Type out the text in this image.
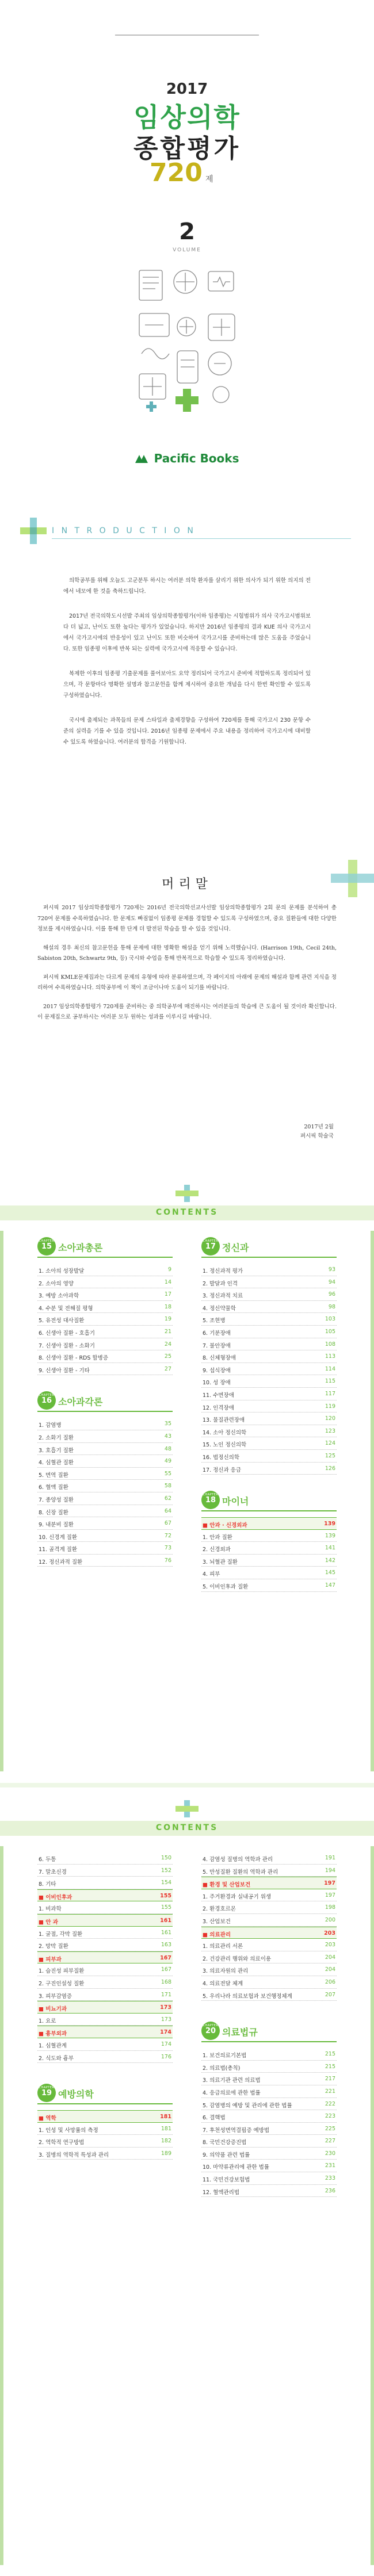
2017
임상의학
종합평가
720 제
2
VOLUME
Pacific Books
I N T R O D U C T I O N

의학공부를 위해 오늘도 고군분투 하시는 여러분 의학 환자를 살리기 위한 의사가 되기 위한 의지의 전에서 네모에 한 것을 축하드립니다.

2017년 전국의학도시선발 주최의 임상의학종합평가(이하 임종평)는 시험범위가 의사 국가고시범위보다 더 넓고, 난이도 또한 높다는 평가가 있었습니다. 하지만 2016년 임종평의 결과 KUE 의사 국가고시에서 국가고시에의 반응성이 있고 난이도 또한 비슷하여 국가고시를 준비하는데 많은 도움을 주었습니다. 또한 임종평 이후에 반복 되는 실력에 국가고시에 적응할 수 있습니다.

복제한 이후의 임종평 기출문제를 풀어보아도 요약 정리되어 국가고시 준비에 적합하도록 정리되어 있으며, 각 문항마다 명확한 설명과 참고문헌을 함께 제시하여 중요한 개념을 다시 한번 확인할 수 있도록 구성하였습니다.

국시에 출제되는 과목들의 문제 스타일과 출제경향을 구성하여 720제를 통해 국가고시 230 문항 수준의 실력을 기를 수 있을 것입니다. 2016년 임종평 문제에서 주요 내용을 정리하여 국가고시에 대비할 수 있도록 하였습니다. 여러분의 합격을 기원합니다.

머리말

퍼시픽 2017 임상의학종합평가 720제는 2016년 전국의학선교사선발 임상의학종합평가 2회 문의 문제를 분석하여 총 720여 문제를 수록하였습니다. 한 문제도 빠짐없이 임종평 문제를 경험할 수 있도록 구성하였으며, 중요 질환들에 대한 다양한 정보를 제시하였습니다. 이를 통해 한 단계 더 발전된 학습을 할 수 있을 것입니다.

해설의 경우 최신의 참고문헌을 통해 문제에 대한 명확한 해설을 얻기 위해 노력했습니다. (Harrison 19th, Cecil 24th, Sabiston 20th, Schwartz 9th, 등) 국시와 수업을 통해 반복적으로 학습할 수 있도록 정리하였습니다.

퍼시픽 KMLE문제집과는 다르게 문제의 유형에 따라 분류하였으며, 각 페이지의 아래에 문제의 해설과 함께 관련 지식을 정리하여 수록하였습니다. 의학공부에 이 책이 조금이나마 도움이 되기를 바랍니다.

2017 임상의학종합평가 720제를 준비하는 중 의학공부에 매진하시는 여러분들의 학습에 큰 도움이 될 것이라 확신합니다. 이 문제집으로 공부하시는 여러분 모두 원하는 성과를 이루시길 바랍니다.

2017년 2월
퍼시픽 학술국
CONTENTS
CHAPTER
15 소아과총론
1. 소아의 성장발달	9
2. 소아의 영양	14
3. 예방 소아과학	17
4. 수분 및 전해질 평형	18
5. 유전성 대사질환	19
6. 신생아 질환 - 호흡기	21
7. 신생아 질환 - 소화기	24
8. 신생아 질환 - RDS 합병증	25
9. 신생아 질환 - 기타	27
CHAPTER
16 소아과각론
1. 감염병	35
2. 소화기 질환	43
3. 호흡기 질환	48
4. 심혈관 질환	49
5. 면역 질환	55
6. 혈액 질환	58
7. 종양성 질환	62
8. 신장 질환	64
9. 내분비 질환	67
10. 신경계 질환	72
11. 골격계 질환	73
12. 정신과적 질환	76
CHAPTER
17 정신과
1. 정신과적 평가	93
2. 발달과 인격	94
3. 정신과적 치료	96
4. 정신약물학	98
5. 조현병	103
6. 기분장애	105
7. 불안장애	108
8. 신체형장애	113
9. 섭식장애	114
10. 성 장애	115
11. 수면장애	117
12. 인격장애	119
13. 물질관련장애	120
14. 소아 정신의학	123
15. 노인 정신의학	124
16. 법정신의학	125
17. 정신과 응급	126
CHAPTER
18 마이너
■ 안과 · 신경외과	139
1. 안과 질환	139
2. 신경외과	141
3. 뇌혈관 질환	142
4. 피부	145
5. 이비인후과 질환	147
CONTENTS
6. 두통	150
7. 말초신경	152
8. 기타	154
■ 이비인후과	155
1. 비과학	155
■ 안 과	161
1. 굴절, 각막 질환	161
2. 망막 질환	163
■ 피부과	167
1. 습진성 피부질환	167
2. 구진인설성 질환	168
3. 피부감염증	171
■ 비뇨기과	173
1. 요로	173
■ 흉부외과	174
1. 심혈관계	174
2. 식도와 흉부	176
CHAPTER
19 예방의학
■ 역학	181
1. 인성 및 사망률의 측정	181
2. 역학적 연구방법	182
3. 질병의 역학적 특성과 관리	189
4. 감염성 질병의 역학과 관리	191
5. 만성질환 질환의 역학과 관리	194
■ 환경 및 산업보건	197
1. 주거환경과 실내공기 위생	197
2. 환경호르몬	198
3. 산업보건	200
■ 의료관리	203
1. 의료관리 서론	203
2. 건강관리 행위와 의료이용	204
3. 의료자원의 관리	204
4. 의료전달 체계	206
5. 우리나라 의료보험과 보건행정체계	207
CHAPTER
20 의료법규
1. 보건의료기본법	215
2. 의료법(총칙)	215
3. 의료기관 관련 의료법	217
4. 응급의료에 관한 법률	221
5. 감염병의 예방 및 관리에 관한 법률	222
6. 결핵법	223
7. 후천성면역결핍증 예방법	225
8. 국민건강증진법	227
9. 의약품 관련 법률	230
10. 마약류관리에 관한 법률	231
11. 국민건강보험법	233
12. 혈액관리법	236
